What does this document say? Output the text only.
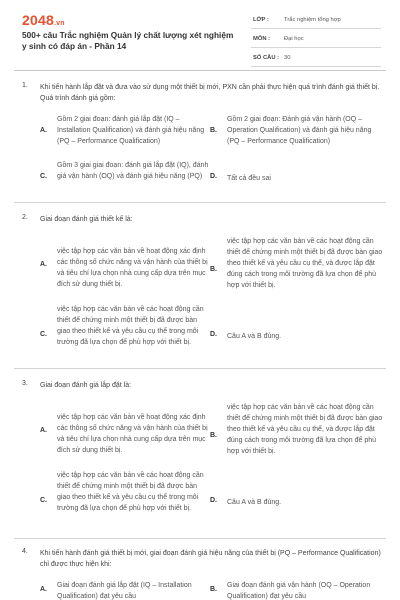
2048.vn
500+ câu Trắc nghiệm Quản lý chất lượng xét nghiệm y sinh có đáp án - Phần 14
LỚP :	Trắc nghiệm tổng hợp
MÔN : Đại học
SỐ CÂU : 30
1. Khi tiến hành lắp đặt và đưa vào sử dụng một thiết bị mới, PXN cần phải thực hiện quá trình đánh giá thiết bị. Quá trình đánh giá gồm:
A.
Gồm 2 giai đoạn: đánh giá lắp đặt (IQ – Installation Qualification) và đánh giá hiệu năng (PQ – Performance Qualification)
B.
Gồm 2 giai đoạn: Đánh giá vận hành (OQ – Operation Qualification) và đánh giá hiệu năng (PQ – Performance Qualification)
C.
Gồm 3 giai giai đoạn: đánh giá lắp đặt (IQ), đánh giá vận hành (OQ) và đánh giá hiệu năng (PQ)	D. Tất cả đều sai
2. Giai đoạn đánh giá thiết kế là:
A.
việc tập hợp các văn bản về hoạt động xác định các thông số chức năng và vận hành của thiết bị và tiêu chí lựa chọn nhà cung cấp dựa trên mục đích sử dụng thiết bị.
B.
việc tập hợp các văn bản về các hoạt động cần thiết để chứng minh một thiết bị đã được bàn giao theo thiết kế và yêu cầu cụ thể, và được lắp đặt đúng cách trong môi trường đã lựa chọn để phù hợp với thiết bị.
C.
việc tập hợp các văn bản về các hoạt động cần thiết để chứng minh một thiết bị đã được bàn giao theo thiết kế và yêu cầu cụ thể trong môi trường đã lựa chọn để phù hợp với thiết bị.
D. Câu A và B đúng.
3. Giai đoạn đánh giá lắp đặt là:
A.
việc tập hợp các văn bản về hoạt động xác định các thông số chức năng và vận hành của thiết bị và tiêu chí lựa chọn nhà cung cấp dựa trên mục đích sử dụng thiết bị.
B.
việc tập hợp các văn bản về các hoạt động cần thiết để chứng minh một thiết bị đã được bàn giao theo thiết kế và yêu cầu cụ thể, và được lắp đặt đúng cách trong môi trường đã lựa chọn để phù hợp với thiết bị.
C.
việc tập hợp các văn bản về các hoạt động cần thiết để chứng minh một thiết bị đã được bàn giao theo thiết kế và yêu cầu cụ thể trong môi trường đã lựa chọn để phù hợp với thiết bị.
D. Câu A và B đúng.
4. Khi tiến hành đánh giá thiết bị mới, giai đoạn đánh giá hiệu năng của thiết bị (PQ – Performance Qualification) chỉ được thực hiện khi:
A.
Giai đoạn đánh giá lắp đặt (IQ – Installation Qualification) đạt yêu cầu
B.
Giai đoạn đánh giá vận hành (OQ – Operation Qualification) đạt yêu cầu
